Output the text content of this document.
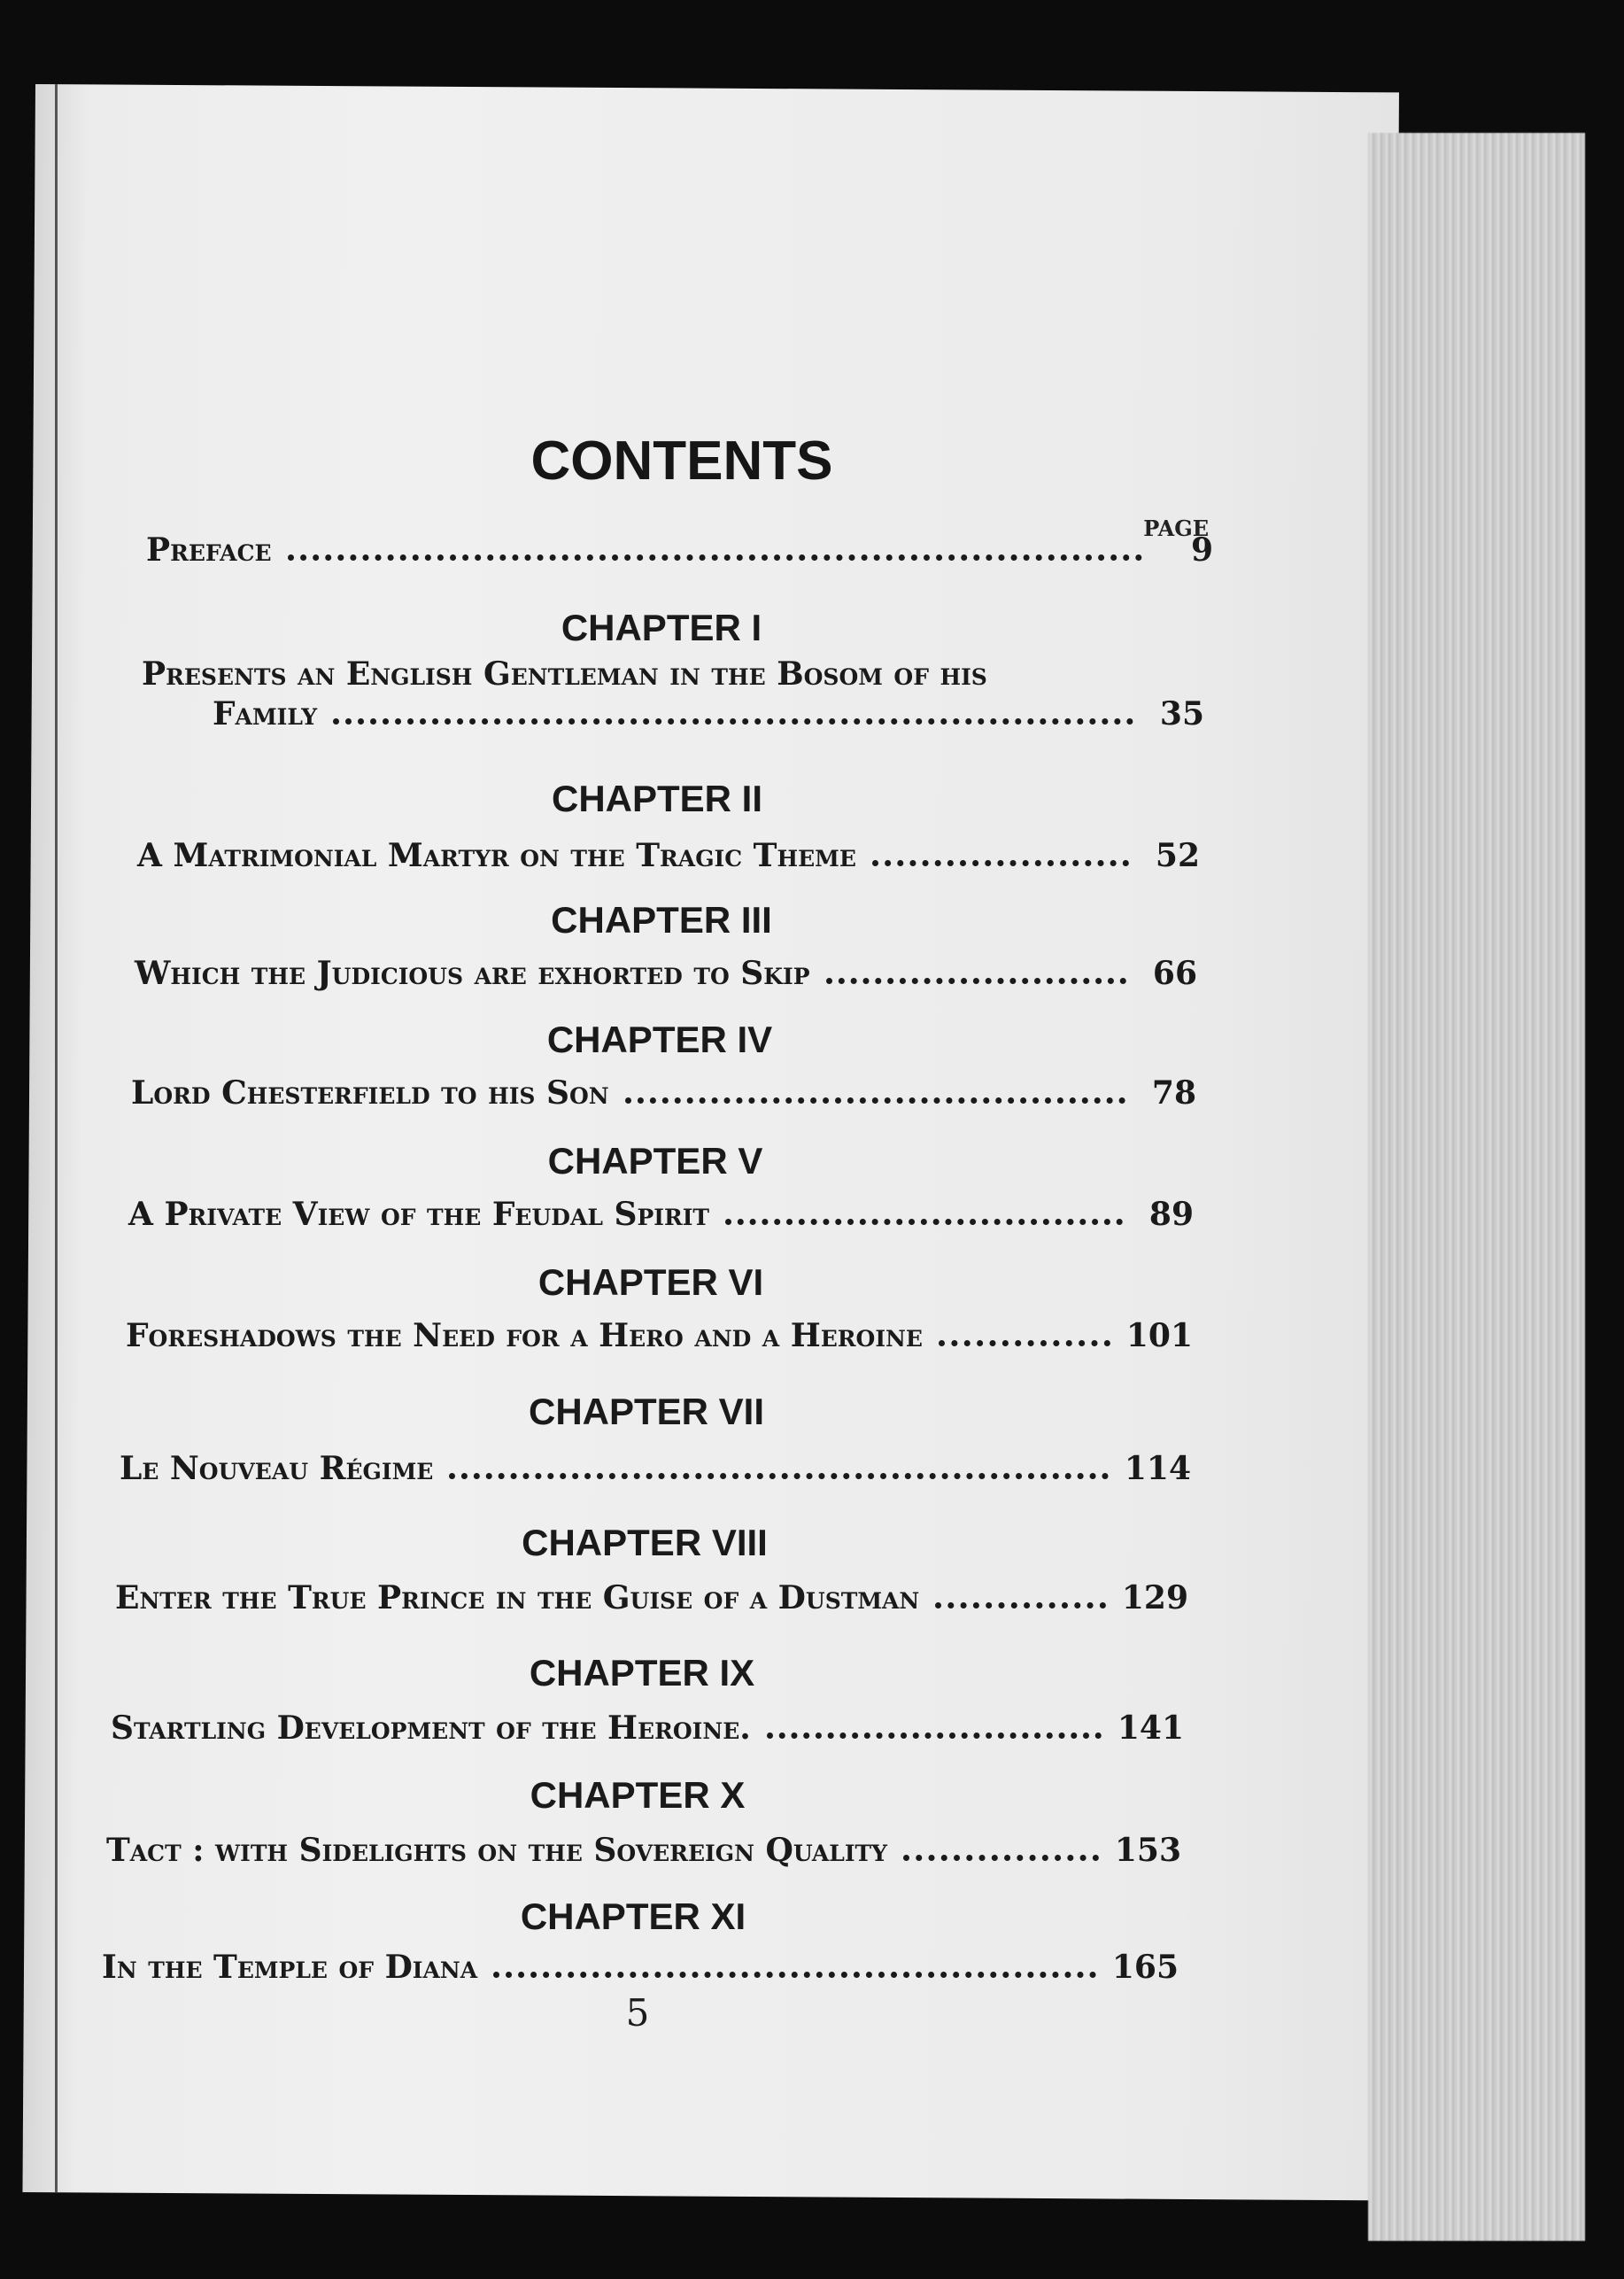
CONTENTS
PAGE
Preface	9
CHAPTER I
Presents an English Gentleman in the Bosom of his
Family	35
CHAPTER II
A Matrimonial Martyr on the Tragic Theme	52
CHAPTER III
Which the Judicious are exhorted to Skip	66
CHAPTER IV
Lord Chesterfield to his Son	78
CHAPTER V
A Private View of the Feudal Spirit	89
CHAPTER VI
Foreshadows the Need for a Hero and a Heroine	101
CHAPTER VII
Le Nouveau Régime	114
CHAPTER VIII
Enter the True Prince in the Guise of a Dustman	129
CHAPTER IX
Startling Development of the Heroine.	141
CHAPTER X
Tact : with Sidelights on the Sovereign Quality	153
CHAPTER XI
In the Temple of Diana	165
5
